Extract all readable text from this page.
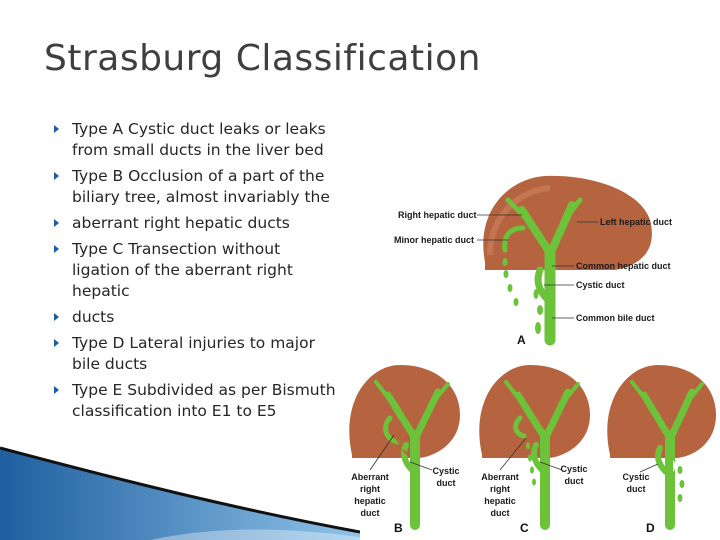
Strasburg Classification
Type A Cystic duct leaks or leaks from small ducts in the liver bed
Type B Occlusion of a part of the biliary tree, almost invariably the
aberrant right hepatic ducts
Type C Transection without ligation of the aberrant right hepatic
ducts
Type D Lateral injuries to major bile ducts
Type E Subdivided as per Bismuth classification into E1 to E5
Right hepatic duct
Minor hepatic duct
Left hepatic duct
Common hepatic duct
Cystic duct
Common bile duct
A
Aberrant right hepatic duct
Cystic duct
B
Aberrant right hepatic duct
Cystic duct
C
Cystic duct
D
